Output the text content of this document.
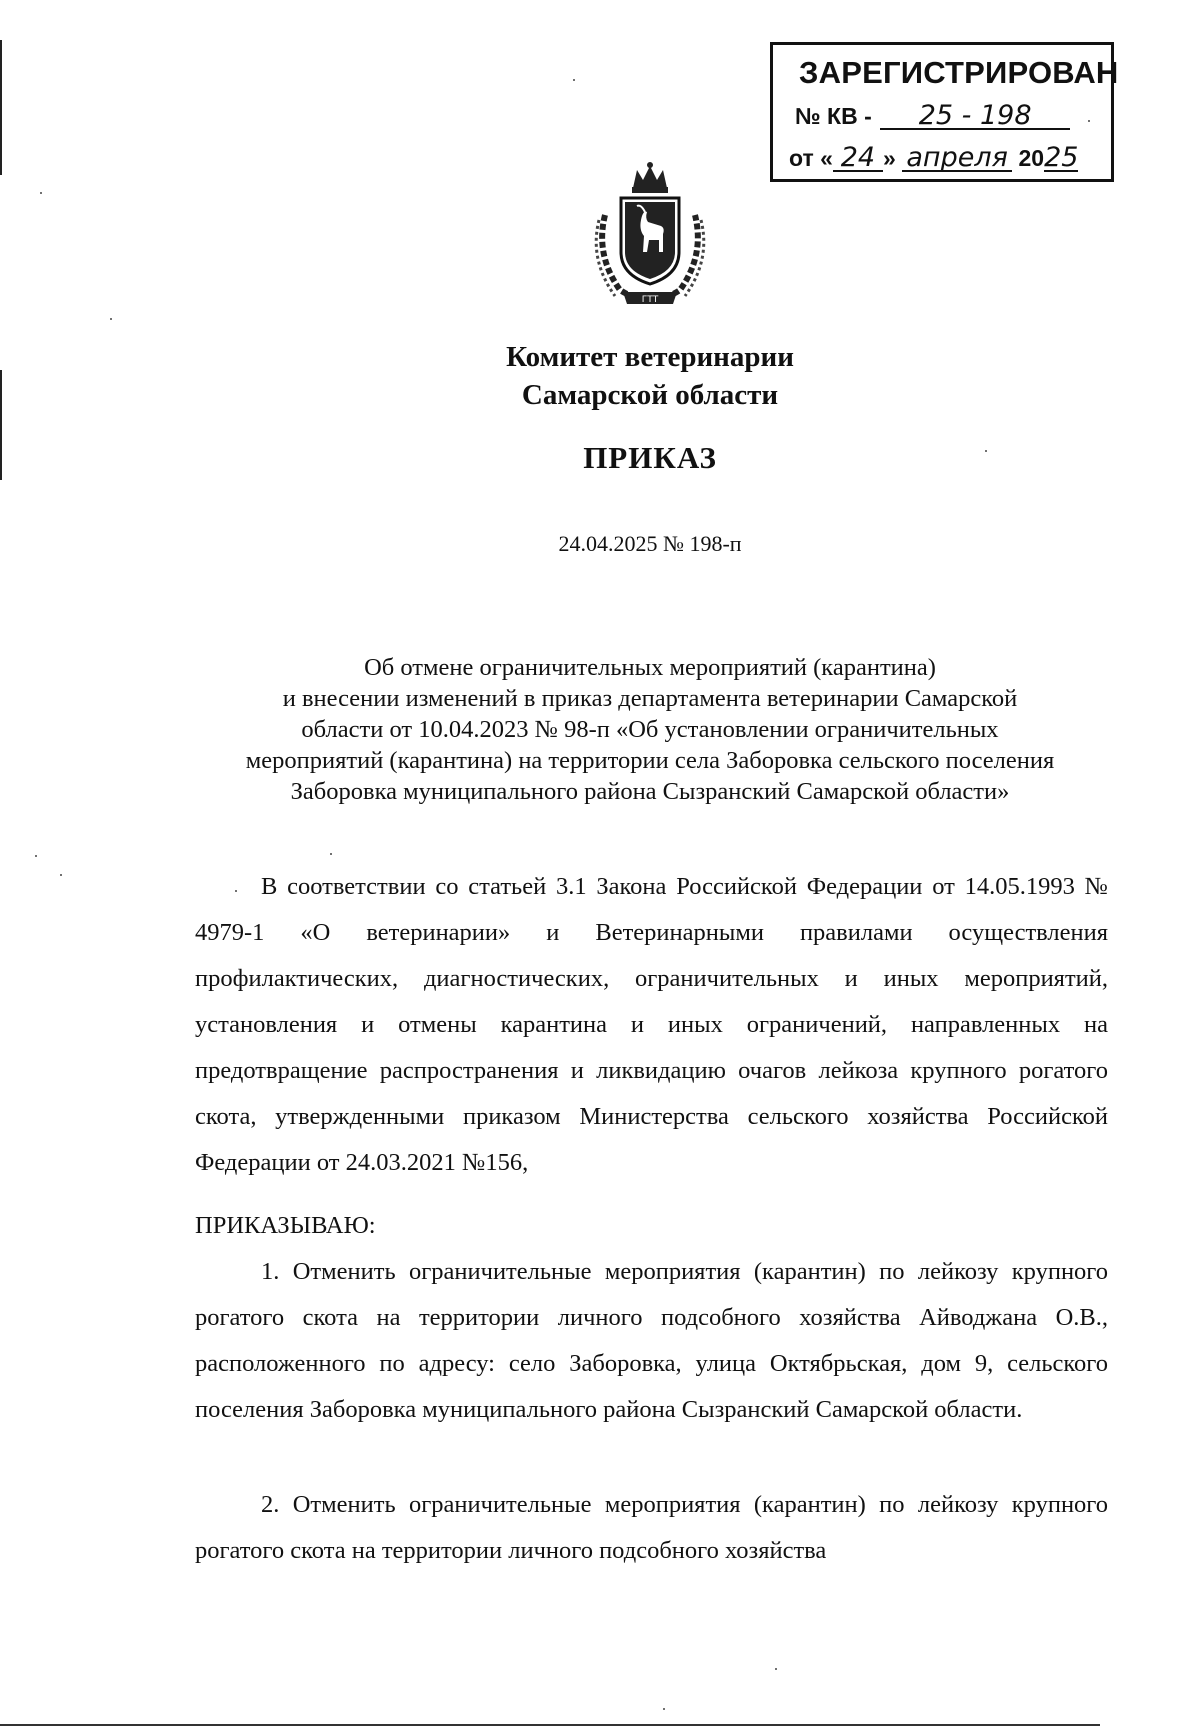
ЗАРЕГИСТРИРОВАН
№ КВ - 25 - 198
от « 24 » апреля 2025
ГТТ
Комитет ветеринарии
Самарской области
ПРИКАЗ
24.04.2025 № 198-п
Об отмене ограничительных мероприятий (карантина)
и внесении изменений в приказ департамента ветеринарии Самарской
области от 10.04.2023 № 98-п «Об установлении ограничительных
мероприятий (карантина) на территории села Заборовка сельского поселения
Заборовка муниципального района Сызранский Самарской области»
В соответствии со статьей 3.1 Закона Российской Федерации от 14.05.1993 № 4979-1 «О ветеринарии» и Ветеринарными правилами осуществления профилактических, диагностических, ограничительных и иных мероприятий, установления и отмены карантина и иных ограничений, направленных на предотвращение распространения и ликвидацию очагов лейкоза крупного рогатого скота, утвержденными приказом Министерства сельского хозяйства Российской Федерации от 24.03.2021 №156,
ПРИКАЗЫВАЮ:
1. Отменить ограничительные мероприятия (карантин) по лейкозу крупного рогатого скота на территории личного подсобного хозяйства Айводжана О.В., расположенного по адресу: село Заборовка, улица Октябрьская, дом 9, сельского поселения Заборовка муниципального района Сызранский Самарской области.
2. Отменить ограничительные мероприятия (карантин) по лейкозу крупного рогатого скота на территории личного подсобного хозяйства
